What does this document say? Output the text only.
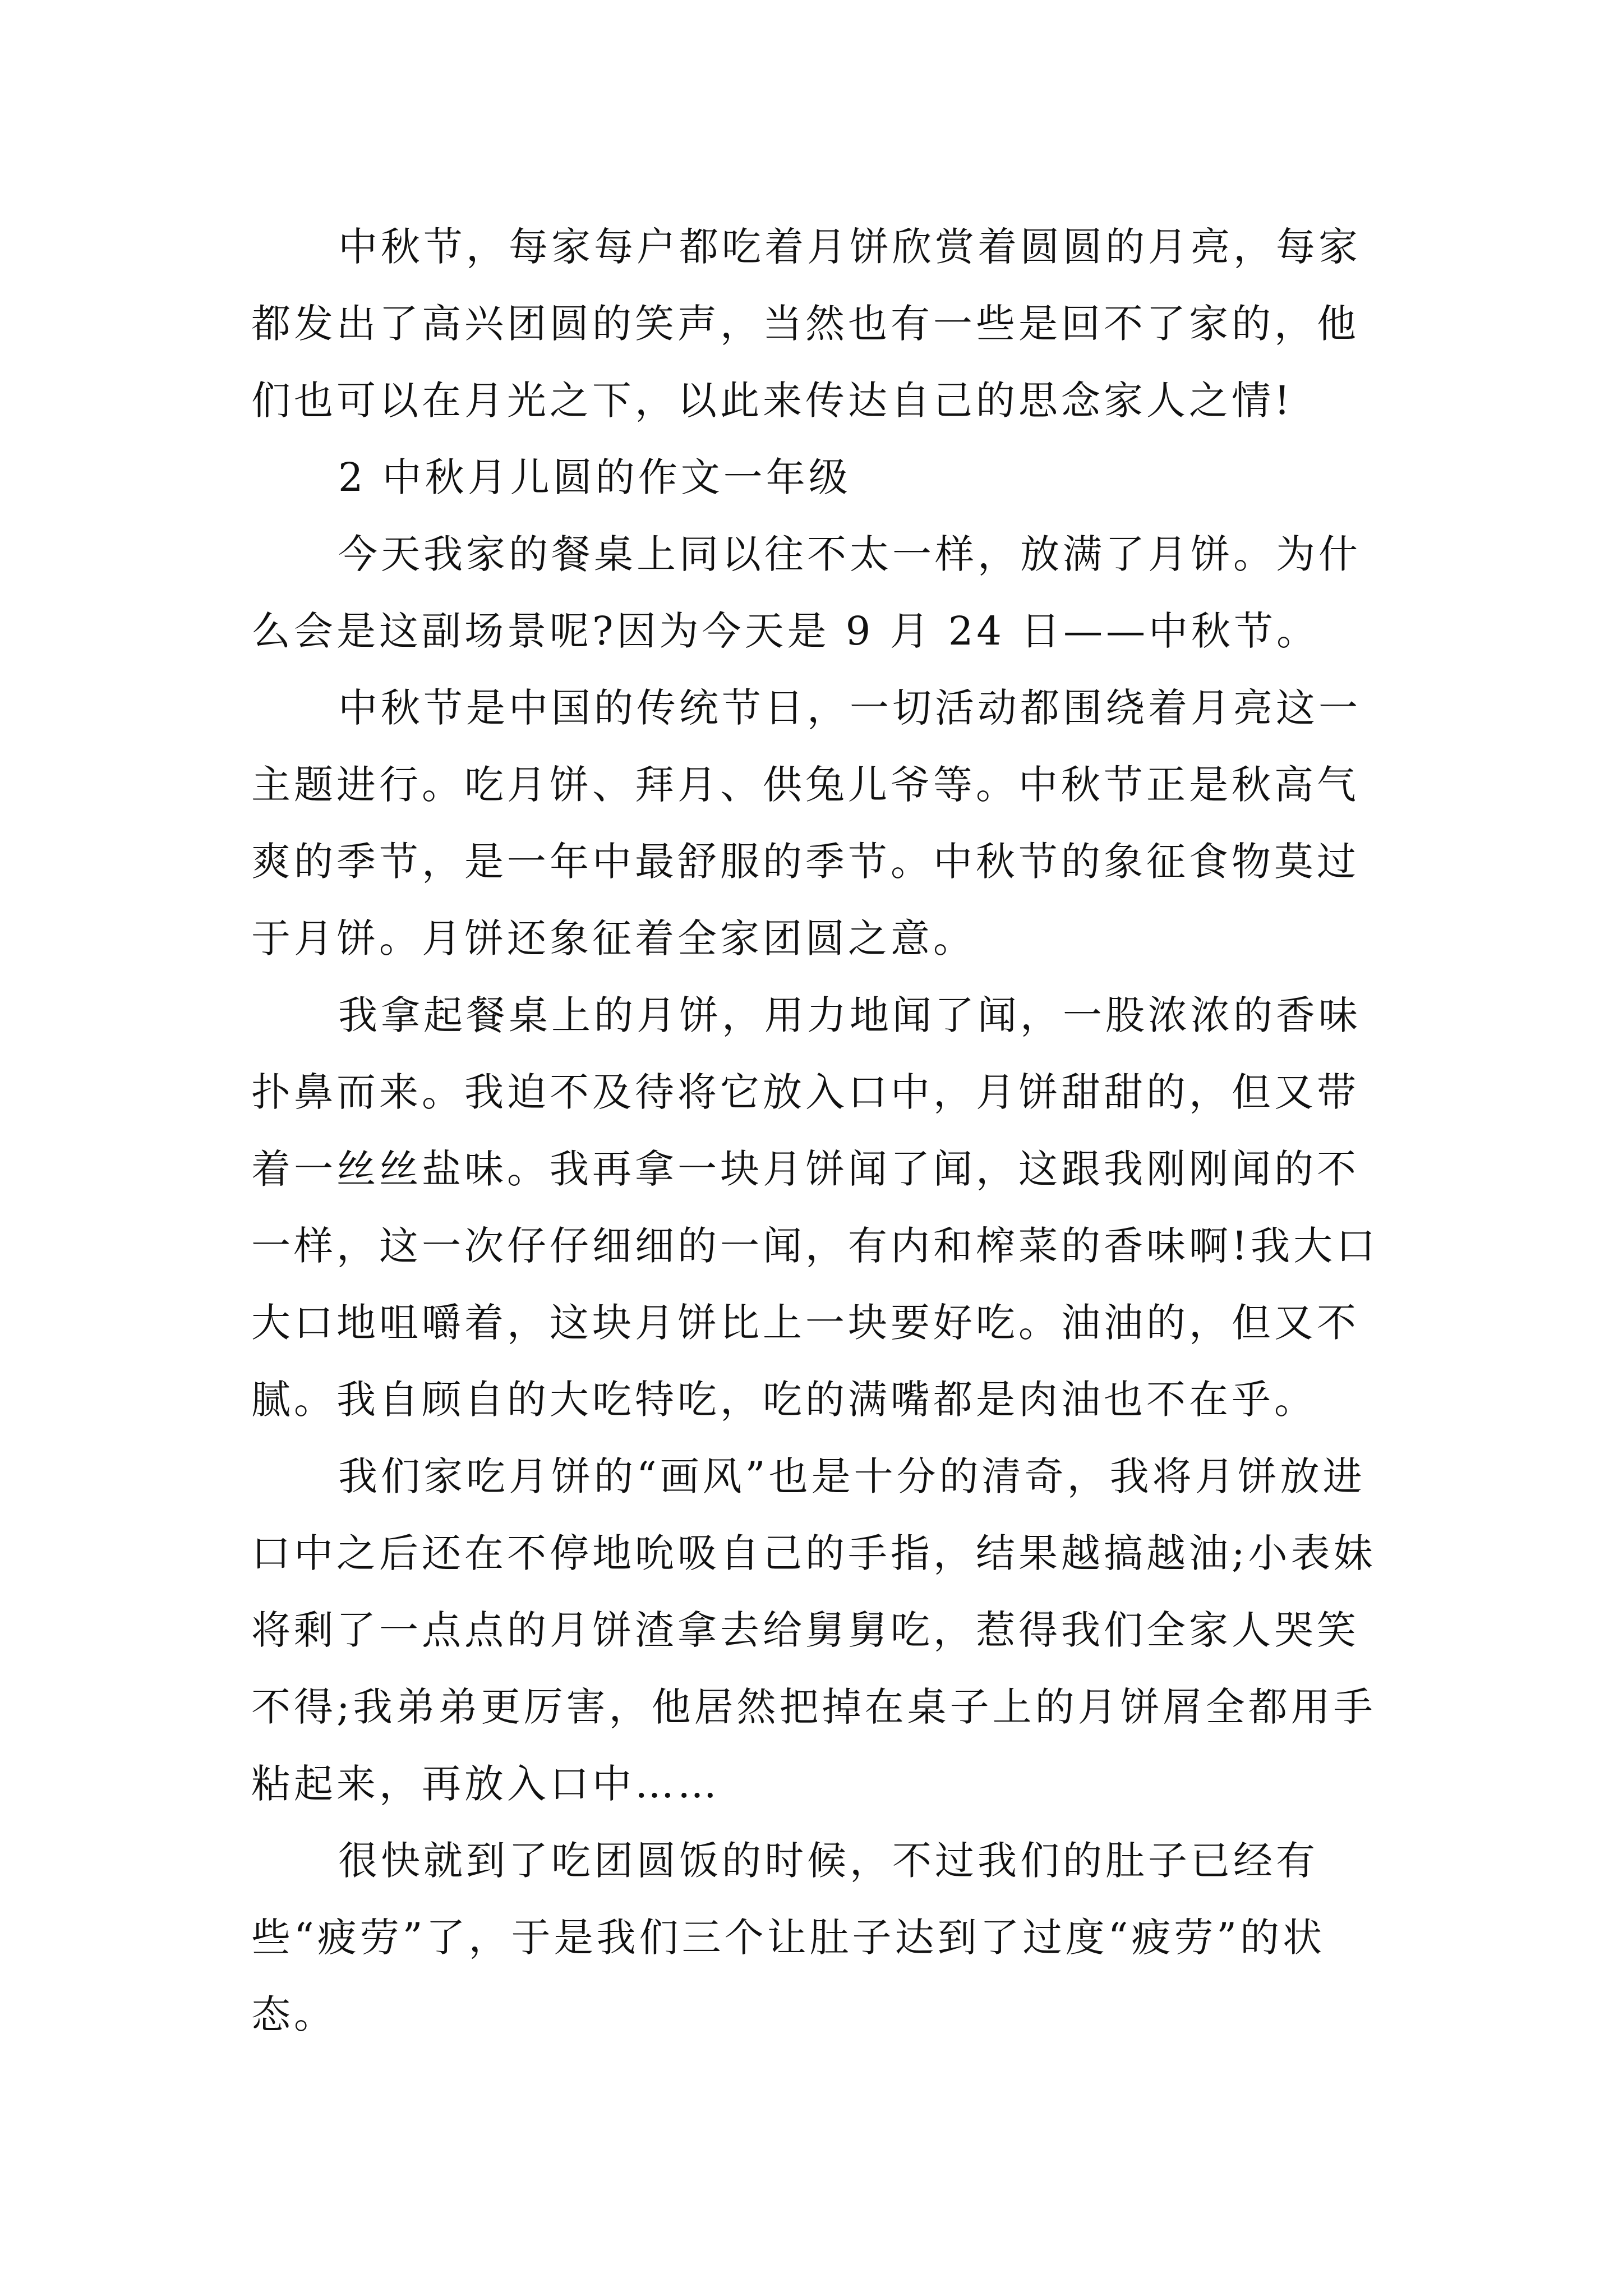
中秋节，每家每户都吃着月饼欣赏着圆圆的月亮，每家都发出了高兴团圆的笑声，当然也有一些是回不了家的，他们也可以在月光之下，以此来传达自己的思念家人之情!

2 中秋月儿圆的作文一年级

今天我家的餐桌上同以往不太一样，放满了月饼。为什么会是这副场景呢?因为今天是 9 月 24 日——中秋节。

中秋节是中国的传统节日，一切活动都围绕着月亮这一主题进行。吃月饼、拜月、供兔儿爷等。中秋节正是秋高气爽的季节，是一年中最舒服的季节。中秋节的象征食物莫过于月饼。月饼还象征着全家团圆之意。

我拿起餐桌上的月饼，用力地闻了闻，一股浓浓的香味扑鼻而来。我迫不及待将它放入口中，月饼甜甜的，但又带着一丝丝盐味。我再拿一块月饼闻了闻，这跟我刚刚闻的不一样，这一次仔仔细细的一闻，有内和榨菜的香味啊!我大口大口地咀嚼着，这块月饼比上一块要好吃。油油的，但又不腻。我自顾自的大吃特吃，吃的满嘴都是肉油也不在乎。

我们家吃月饼的“画风”也是十分的清奇，我将月饼放进口中之后还在不停地吮吸自己的手指，结果越搞越油;小表妹将剩了一点点的月饼渣拿去给舅舅吃，惹得我们全家人哭笑不得;我弟弟更厉害，他居然把掉在桌子上的月饼屑全都用手粘起来，再放入口中……

很快就到了吃团圆饭的时候，不过我们的肚子已经有些“疲劳”了，于是我们三个让肚子达到了过度“疲劳”的状态。
